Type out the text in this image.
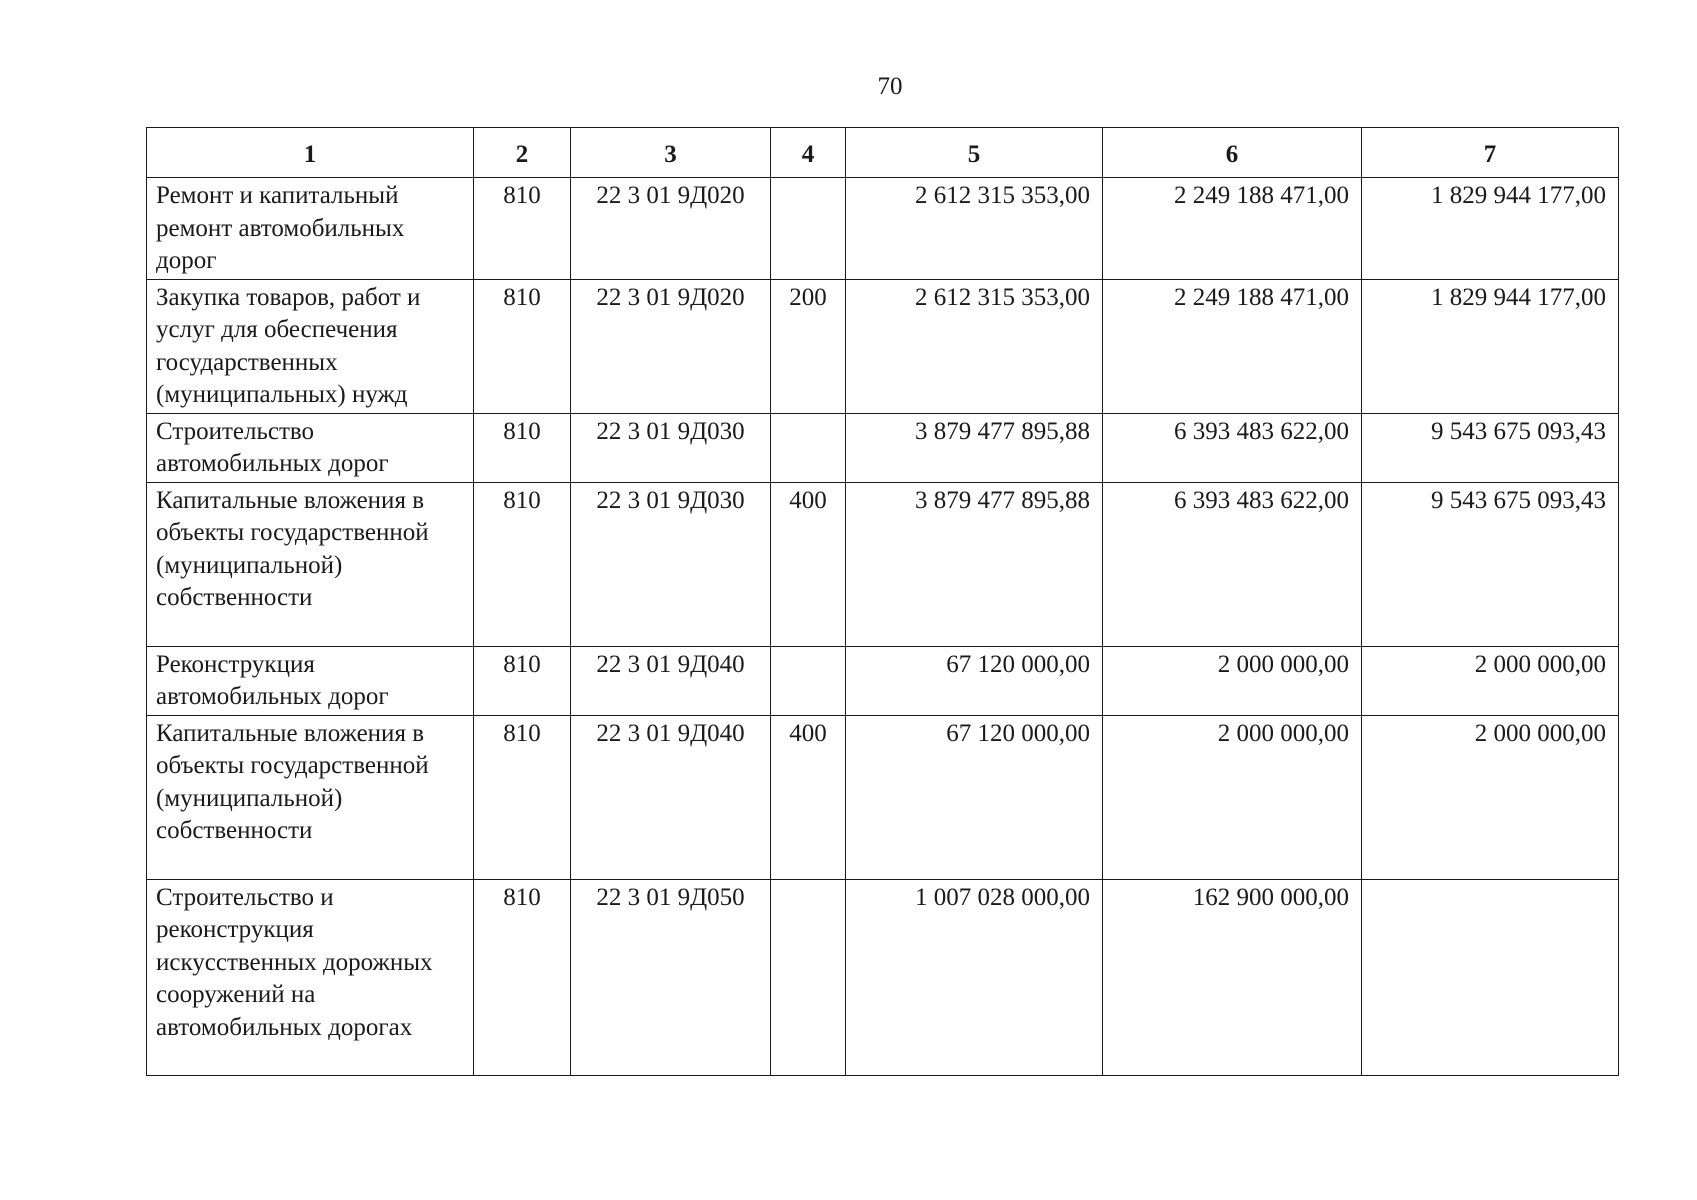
70
1	2	3	4	5	6	7
Ремонт и капитальный ремонт автомобильных дорог	810	22 3 01 9Д020		2 612 315 353,00	2 249 188 471,00	1 829 944 177,00
Закупка товаров, работ и услуг для обеспечения государственных (муниципальных) нужд	810	22 3 01 9Д020	200	2 612 315 353,00	2 249 188 471,00	1 829 944 177,00
Строительство автомобильных дорог	810	22 3 01 9Д030		3 879 477 895,88	6 393 483 622,00	9 543 675 093,43
Капитальные вложения в объекты государственной (муниципальной) собственности	810	22 3 01 9Д030	400	3 879 477 895,88	6 393 483 622,00	9 543 675 093,43
Реконструкция автомобильных дорог	810	22 3 01 9Д040		67 120 000,00	2 000 000,00	2 000 000,00
Капитальные вложения в объекты государственной (муниципальной) собственности	810	22 3 01 9Д040	400	67 120 000,00	2 000 000,00	2 000 000,00
Строительство и реконструкция искусственных дорожных сооружений на автомобильных дорогах	810	22 3 01 9Д050		1 007 028 000,00	162 900 000,00	
